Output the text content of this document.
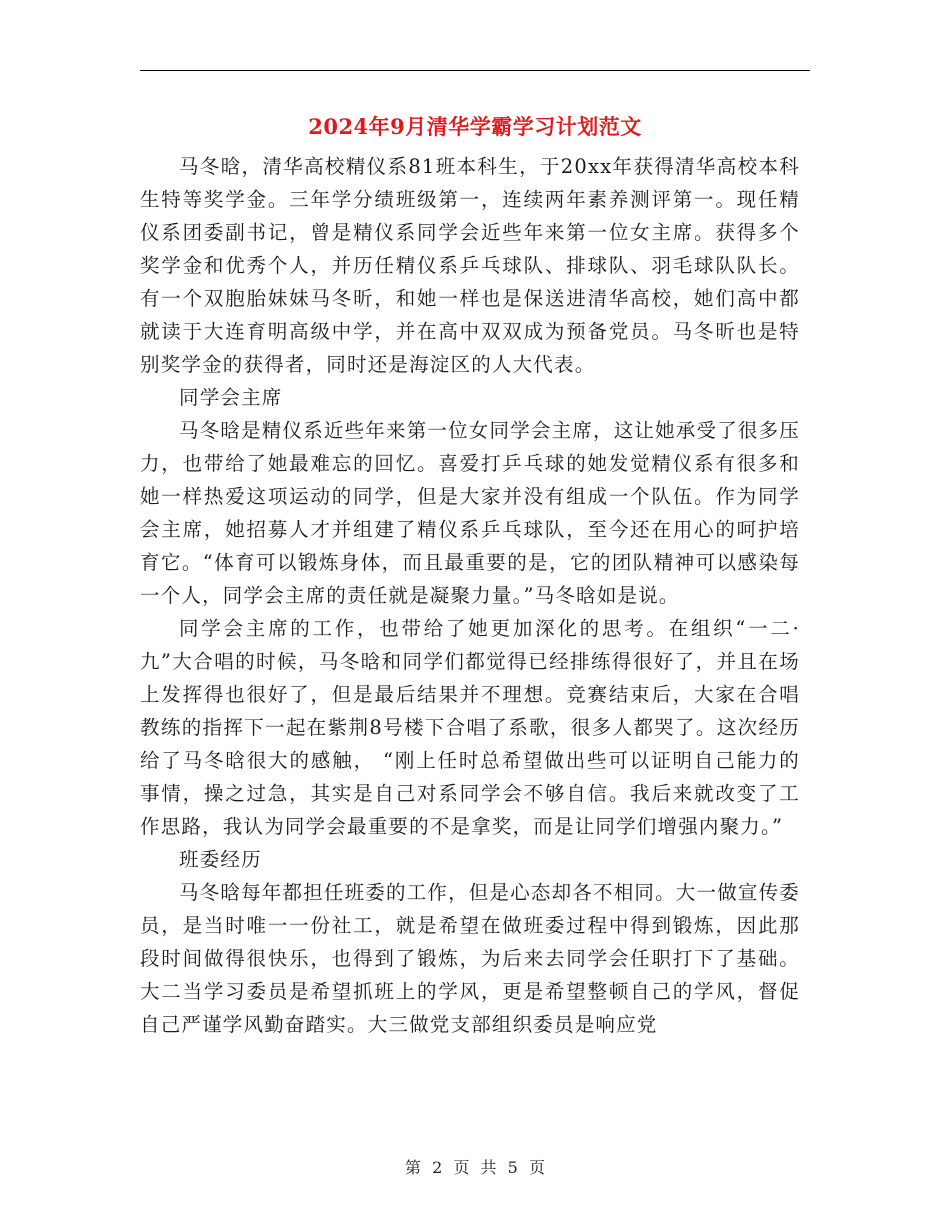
2024年9月清华学霸学习计划范文

马冬晗，清华高校精仪系81班本科生，于20xx年获得清华高校本科生特等奖学金。三年学分绩班级第一，连续两年素养测评第一。现任精仪系团委副书记，曾是精仪系同学会近些年来第一位女主席。获得多个奖学金和优秀个人，并历任精仪系乒乓球队、排球队、羽毛球队队长。有一个双胞胎妹妹马冬昕，和她一样也是保送进清华高校，她们高中都就读于大连育明高级中学，并在高中双双成为预备党员。马冬昕也是特别奖学金的获得者，同时还是海淀区的人大代表。

同学会主席

马冬晗是精仪系近些年来第一位女同学会主席，这让她承受了很多压力，也带给了她最难忘的回忆。喜爱打乒乓球的她发觉精仪系有很多和她一样热爱这项运动的同学，但是大家并没有组成一个队伍。作为同学会主席，她招募人才并组建了精仪系乒乓球队，至今还在用心的呵护培育它。“体育可以锻炼身体，而且最重要的是，它的团队精神可以感染每一个人，同学会主席的责任就是凝聚力量。”马冬晗如是说。

同学会主席的工作，也带给了她更加深化的思考。在组织“一二·九”大合唱的时候，马冬晗和同学们都觉得已经排练得很好了，并且在场上发挥得也很好了，但是最后结果并不理想。竞赛结束后，大家在合唱教练的指挥下一起在紫荆8号楼下合唱了系歌，很多人都哭了。这次经历给了马冬晗很大的感触， “刚上任时总希望做出些可以证明自己能力的事情，操之过急，其实是自己对系同学会不够自信。我后来就改变了工作思路，我认为同学会最重要的不是拿奖，而是让同学们增强内聚力。”

班委经历

马冬晗每年都担任班委的工作，但是心态却各不相同。大一做宣传委员，是当时唯一一份社工，就是希望在做班委过程中得到锻炼，因此那段时间做得很快乐，也得到了锻炼，为后来去同学会任职打下了基础。大二当学习委员是希望抓班上的学风，更是希望整顿自己的学风，督促自己严谨学风勤奋踏实。大三做党支部组织委员是响应党

第 2 页 共 5 页
